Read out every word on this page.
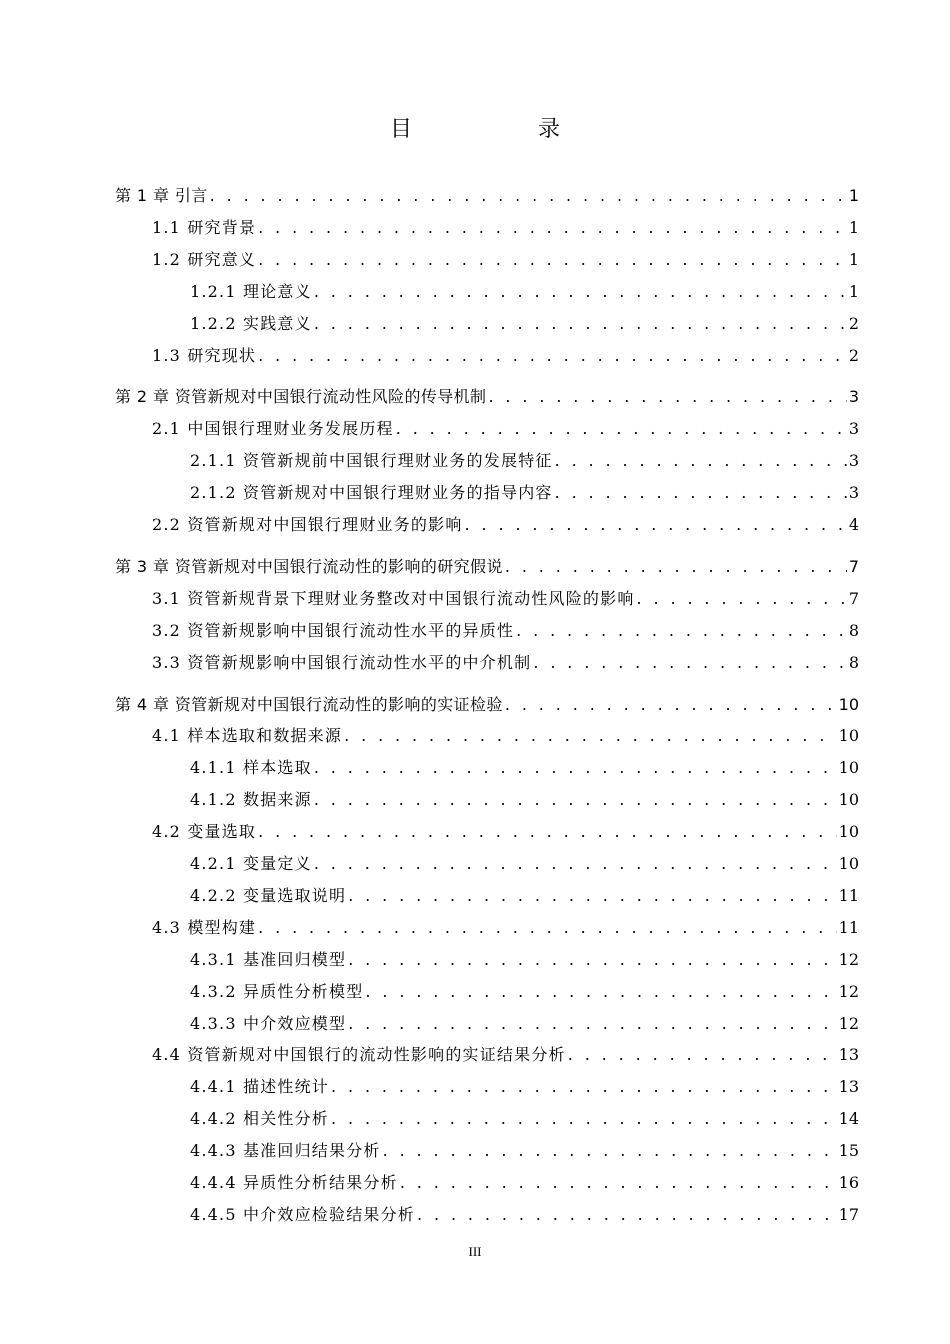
目　录
第 1 章 引言 . . .	1
1.1 研究背景 . . .	1
1.2 研究意义 . . .	1
1.2.1 理论意义 . . .	1
1.2.2 实践意义 . . .	2
1.3 研究现状 . . .	2
第 2 章 资管新规对中国银行流动性风险的传导机制 . . .	3
2.1 中国银行理财业务发展历程 . . .	3
2.1.1 资管新规前中国银行理财业务的发展特征 . . .	3
2.1.2 资管新规对中国银行理财业务的指导内容 . . .	3
2.2 资管新规对中国银行理财业务的影响 . . .	4
第 3 章 资管新规对中国银行流动性的影响的研究假说 . . .	7
3.1 资管新规背景下理财业务整改对中国银行流动性风险的影响 . . .	7
3.2 资管新规影响中国银行流动性水平的异质性 . . .	8
3.3 资管新规影响中国银行流动性水平的中介机制 . . .	8
第 4 章 资管新规对中国银行流动性的影响的实证检验 . . .	10
4.1 样本选取和数据来源 . . .	10
4.1.1 样本选取 . . .	10
4.1.2 数据来源 . . .	10
4.2 变量选取 . . .	10
4.2.1 变量定义 . . .	10
4.2.2 变量选取说明 . . .	11
4.3 模型构建 . . .	11
4.3.1 基准回归模型 . . .	12
4.3.2 异质性分析模型 . . .	12
4.3.3 中介效应模型 . . .	12
4.4 资管新规对中国银行的流动性影响的实证结果分析 . . .	13
4.4.1 描述性统计 . . .	13
4.4.2 相关性分析 . . .	14
4.4.3 基准回归结果分析 . . .	15
4.4.4 异质性分析结果分析 . . .	16
4.4.5 中介效应检验结果分析 . . .	17
III
